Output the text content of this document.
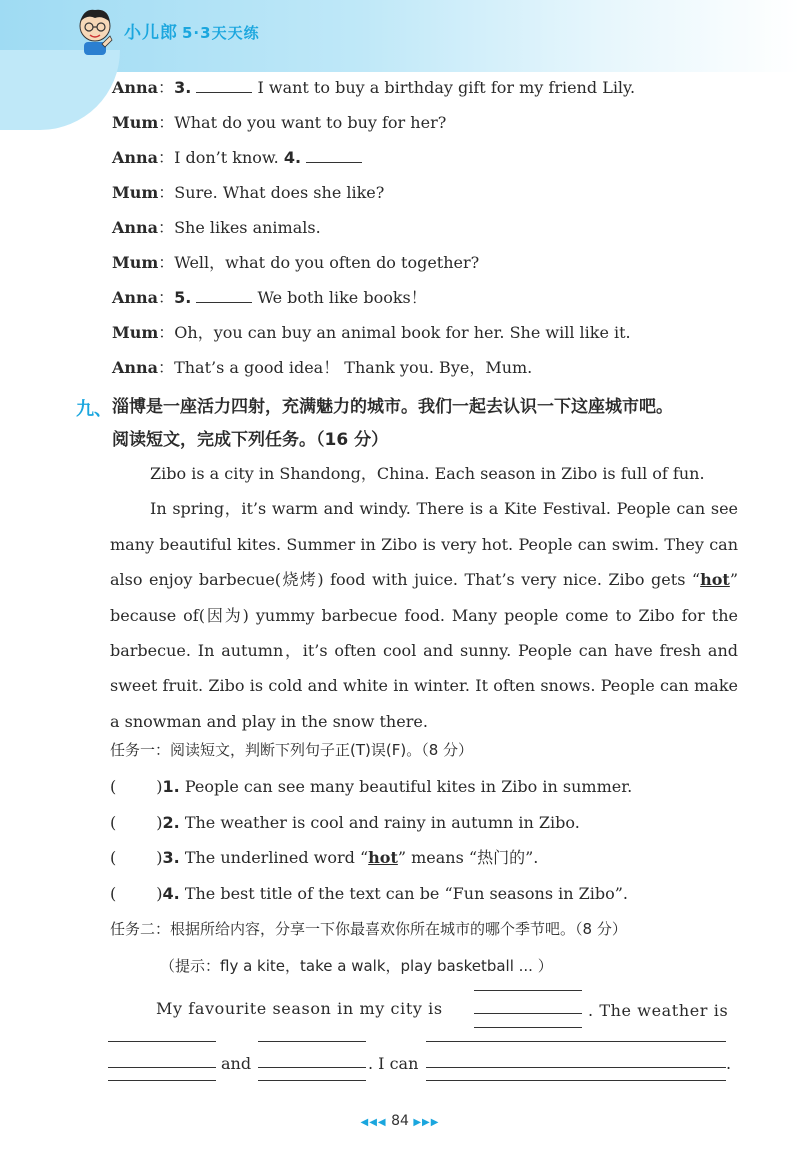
小儿郎 5·3天天练
Anna：3.	I want to buy a birthday gift for my friend Lily.
Mum：What do you want to buy for her?
Anna：I don’t know. 4.
Mum：Sure. What does she like?
Anna：She likes animals.
Mum：Well，what do you often do together?
Anna：5.	We both like books！
Mum：Oh，you can buy an animal book for her. She will like it.
Anna：That’s a good idea！ Thank you. Bye，Mum.
九、 淄博是一座活力四射，充满魅力的城市。我们一起去认识一下这座城市吧。
阅读短文，完成下列任务。（16 分）

Zibo is a city in Shandong，China. Each season in Zibo is full of fun.

In spring，it’s warm and windy. There is a Kite Festival. People can see many beautiful kites. Summer in Zibo is very hot. People can swim. They can also enjoy barbecue(烧烤) food with juice. That’s very nice. Zibo gets “hot” because of(因为) yummy barbecue food. Many people come to Zibo for the barbecue. In autumn，it’s often cool and sunny. People can have fresh and sweet fruit. Zibo is cold and white in winter. It often snows. People can make a snowman and play in the snow there.

任务一：阅读短文，判断下列句子正(T)误(F)。（8 分）
(	)1. People can see many beautiful kites in Zibo in summer.
(	)2. The weather is cool and rainy in autumn in Zibo.
(	)3. The underlined word “hot” means “热门的”.
(	)4. The best title of the text can be “Fun seasons in Zibo”.
任务二：根据所给内容，分享一下你最喜欢你所在城市的哪个季节吧。（8 分）
（提示：fly a kite，take a walk，play basketball ... ）
My favourite season in my city is	. The weather is
and	. I can	.
◀◀◀ 84 ▶▶▶
